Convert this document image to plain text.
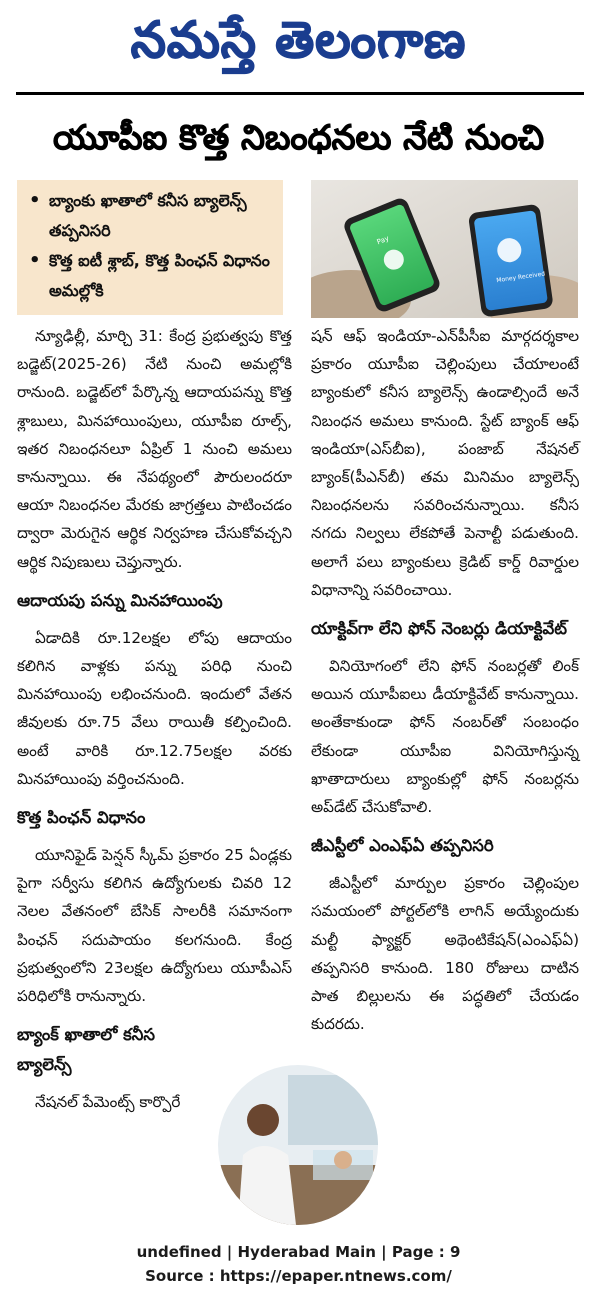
నమస్తే తెలంగాణ
యూపీఐ కొత్త నిబంధనలు నేటి నుంచి
• బ్యాంకు ఖాతాలో కనీస బ్యాలెన్స్ తప్పనిసరి
• కొత్త ఐటీ శ్లాబ్, కొత్త పింఛన్ విధానం అమల్లోకి
Pay
Money Received

న్యూఢిల్లీ, మార్చి 31: కేంద్ర ప్రభుత్వపు కొత్త బడ్జెట్(2025-26) నేటి నుంచి అమల్లోకి రానుంది. బడ్జెట్‌లో పేర్కొన్న ఆదాయపన్ను కొత్త శ్లాబులు, మినహాయింపులు, యూపీఐ రూల్స్, ఇతర నిబంధనలూ ఏప్రిల్ 1 నుంచి అమలు కానున్నాయి. ఈ నేపథ్యంలో పౌరులందరూ ఆయా నిబంధనల మేరకు జాగ్రత్తలు పాటించడం ద్వారా మెరుగైన ఆర్థిక నిర్వహణ చేసుకోవచ్చని ఆర్థిక నిపుణులు చెప్తున్నారు.

ఆదాయపు పన్ను మినహాయింపు

ఏడాదికి రూ.12లక్షల లోపు ఆదాయం కలిగిన వాళ్లకు పన్ను పరిధి నుంచి మినహాయింపు లభించనుంది. ఇందులో వేతన జీవులకు రూ.75 వేలు రాయితీ కల్పించింది. అంటే వారికి రూ.12.75లక్షల వరకు మినహాయింపు వర్తించనుంది.

కొత్త పింఛన్ విధానం

యూనిఫైడ్ పెన్షన్ స్కీమ్ ప్రకారం 25 ఏండ్లకు పైగా సర్వీసు కలిగిన ఉద్యోగులకు చివరి 12 నెలల వేతనంలో బేసిక్ సాలరీకి సమానంగా పింఛన్ సదుపాయం కలగనుంది. కేంద్ర ప్రభుత్వంలోని 23లక్షల ఉద్యోగులు యూపీఎస్ పరిధిలోకి రానున్నారు.

బ్యాంక్ ఖాతాలో కనీస బ్యాలెన్స్

నేషనల్ పేమెంట్స్ కార్పొరే

షన్ ఆఫ్ ఇండియా-ఎన్‌పీసీఐ మార్గదర్శకాల ప్రకారం యూపీఐ చెల్లింపులు చేయాలంటే బ్యాంకులో కనీస బ్యాలెన్స్ ఉండాల్సిందే అనే నిబంధన అమలు కానుంది. స్టేట్ బ్యాంక్ ఆఫ్ ఇండియా(ఎస్‌బీఐ), పంజాబ్ నేషనల్ బ్యాంక్(పీఎన్‌బీ) తమ మినిమం బ్యాలెన్స్ నిబంధనలను సవరించనున్నాయి. కనీస నగదు నిల్వలు లేకపోతే పెనాల్టీ పడుతుంది. అలాగే పలు బ్యాంకులు క్రెడిట్ కార్డ్ రివార్డుల విధానాన్ని సవరించాయి.

యాక్టివ్‌గా లేని ఫోన్ నెంబర్లు డియాక్టివేట్

వినియోగంలో లేని ఫోన్ నంబర్లతో లింక్ అయిన యూపీఐలు డీయాక్టివేట్ కానున్నాయి. అంతేకాకుండా ఫోన్ నంబర్‌తో సంబంధం లేకుండా యూపీఐ వినియోగిస్తున్న ఖాతాదారులు బ్యాంకుల్లో ఫోన్ నంబర్లను అప్‌డేట్ చేసుకోవాలి.

జీఎస్టీలో ఎంఎఫ్ఏ తప్పనిసరి

జీఎస్టీలో మార్పుల ప్రకారం చెల్లింపుల సమయంలో పోర్టల్‌లోకి లాగిన్ అయ్యేందుకు మల్టీ ఫ్యాక్టర్ అథెంటికేషన్(ఎంఎఫ్ఏ) తప్పనిసరి కానుంది. 180 రోజులు దాటిన పాత బిల్లులను ఈ పద్ధతిలో చేయడం కుదరదు.

undefined | Hyderabad Main | Page : 9
Source : https://epaper.ntnews.com/
